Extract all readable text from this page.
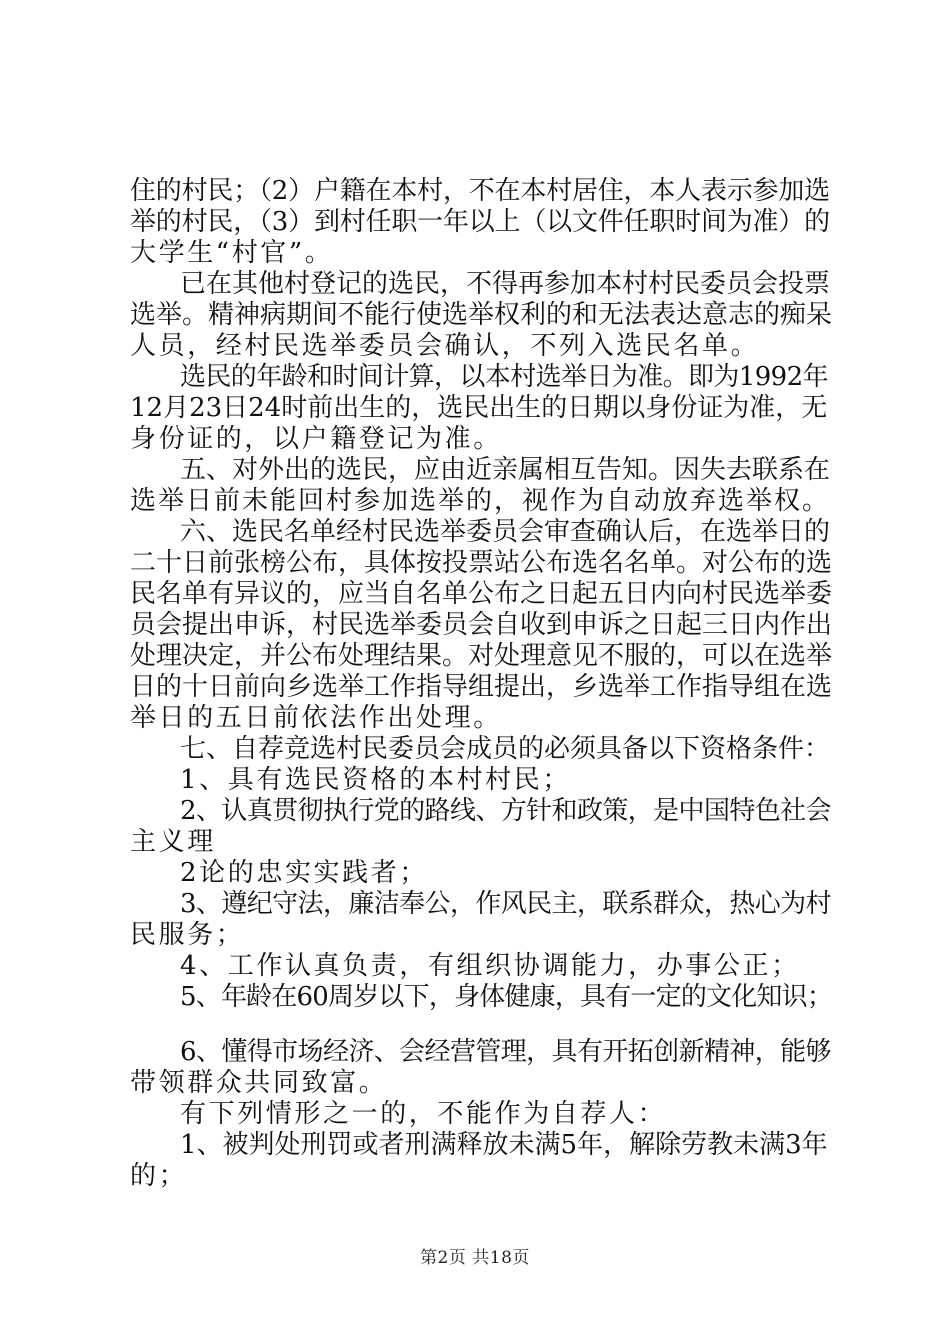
住的村民；（2）户籍在本村，不在本村居住，本人表示参加选
举的村民，（3）到村任职一年以上（以文件任职时间为准）的
大学生“村官”。
已在其他村登记的选民，不得再参加本村村民委员会投票
选举。精神病期间不能行使选举权利的和无法表达意志的痴呆
人员，经村民选举委员会确认，不列入选民名单。
选民的年龄和时间计算，以本村选举日为准。即为1992年
12月23日24时前出生的，选民出生的日期以身份证为准，无
身份证的，以户籍登记为准。
五、对外出的选民，应由近亲属相互告知。因失去联系在
选举日前未能回村参加选举的，视作为自动放弃选举权。
六、选民名单经村民选举委员会审查确认后，在选举日的
二十日前张榜公布，具体按投票站公布选名名单。对公布的选
民名单有异议的，应当自名单公布之日起五日内向村民选举委
员会提出申诉，村民选举委员会自收到申诉之日起三日内作出
处理决定，并公布处理结果。对处理意见不服的，可以在选举
日的十日前向乡选举工作指导组提出，乡选举工作指导组在选
举日的五日前依法作出处理。
七、自荐竞选村民委员会成员的必须具备以下资格条件：
1、具有选民资格的本村村民；
2、认真贯彻执行党的路线、方针和政策，是中国特色社会
主义理
2论的忠实实践者；
3、遵纪守法，廉洁奉公，作风民主，联系群众，热心为村
民服务；
4、工作认真负责，有组织协调能力，办事公正；
5、年龄在60周岁以下，身体健康，具有一定的文化知识；
6、懂得市场经济、会经营管理，具有开拓创新精神，能够
带领群众共同致富。
有下列情形之一的，不能作为自荐人：
1、被判处刑罚或者刑满释放未满5年，解除劳教未满3年
的；
第2页 共18页
